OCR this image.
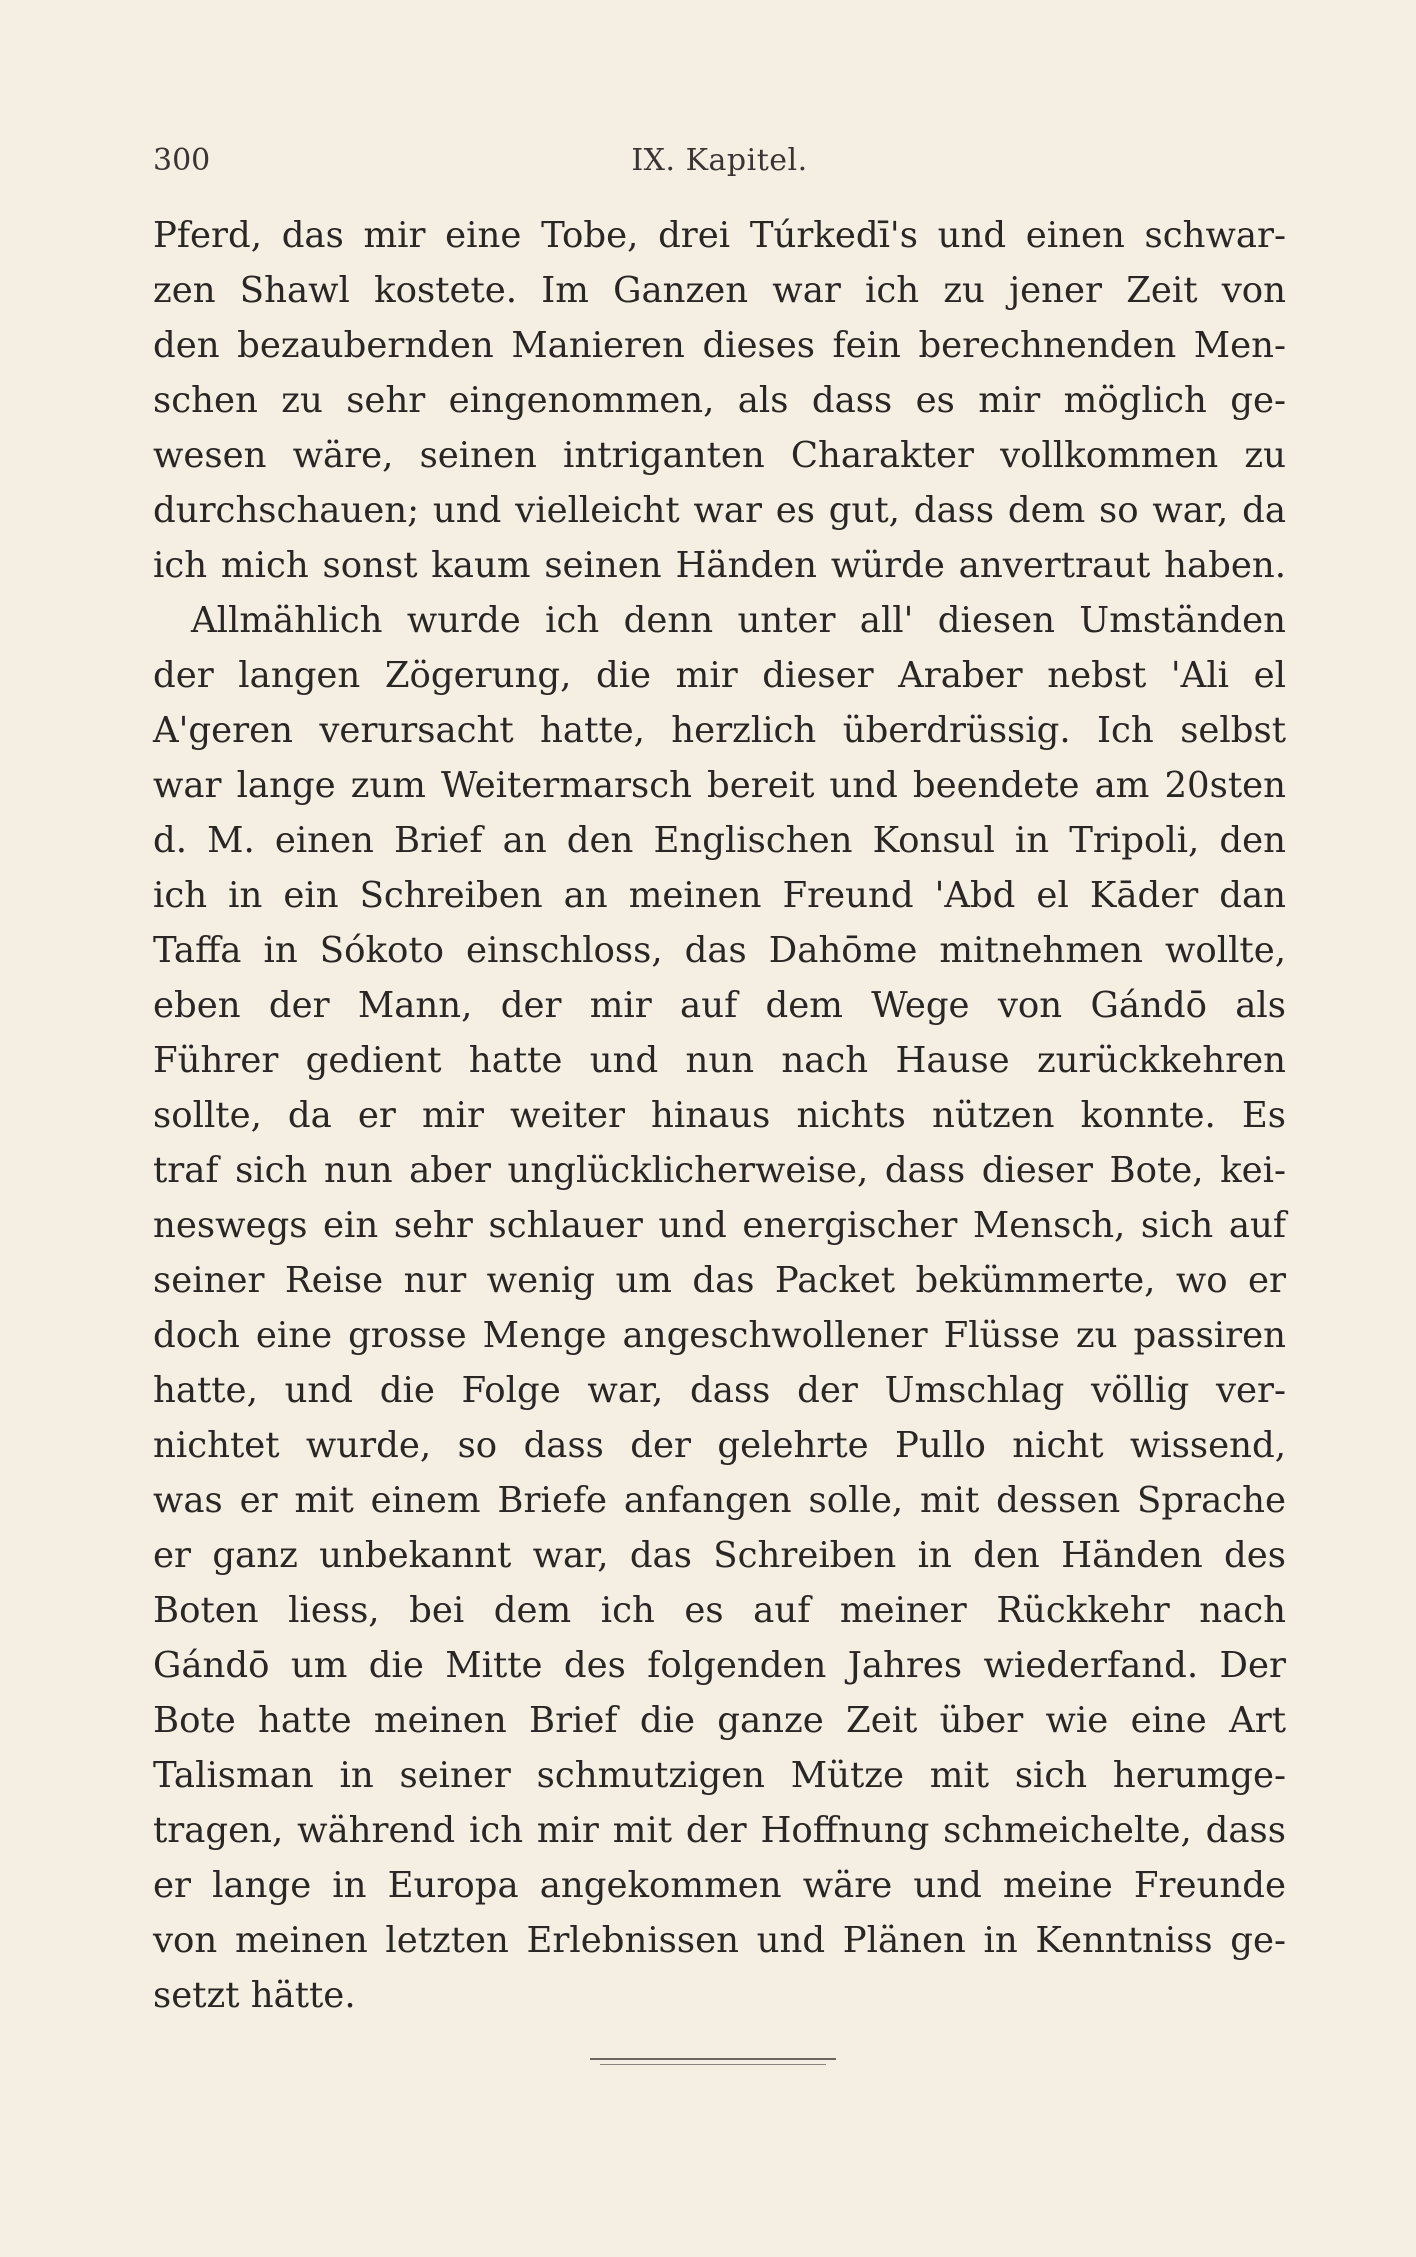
300	IX. Kapitel.
Pferd, das mir eine Tobe, drei Túrkedī's und einen schwar-
zen Shawl kostete. Im Ganzen war ich zu jener Zeit von
den bezaubernden Manieren dieses fein berechnenden Men-
schen zu sehr eingenommen, als dass es mir möglich ge-
wesen wäre, seinen intriganten Charakter vollkommen zu
durchschauen; und vielleicht war es gut, dass dem so war, da
ich mich sonst kaum seinen Händen würde anvertraut haben.
Allmählich wurde ich denn unter all' diesen Umständen
der langen Zögerung, die mir dieser Araber nebst 'Ali el
A'geren verursacht hatte, herzlich überdrüssig. Ich selbst
war lange zum Weitermarsch bereit und beendete am 20sten
d. M. einen Brief an den Englischen Konsul in Tripoli, den
ich in ein Schreiben an meinen Freund 'Abd el Kāder dan
Taffa in Sókoto einschloss, das Dahōme mitnehmen wollte,
eben der Mann, der mir auf dem Wege von Gándō als
Führer gedient hatte und nun nach Hause zurückkehren
sollte, da er mir weiter hinaus nichts nützen konnte. Es
traf sich nun aber unglücklicherweise, dass dieser Bote, kei-
neswegs ein sehr schlauer und energischer Mensch, sich auf
seiner Reise nur wenig um das Packet bekümmerte, wo er
doch eine grosse Menge angeschwollener Flüsse zu passiren
hatte, und die Folge war, dass der Umschlag völlig ver-
nichtet wurde, so dass der gelehrte Pullo nicht wissend,
was er mit einem Briefe anfangen solle, mit dessen Sprache
er ganz unbekannt war, das Schreiben in den Händen des
Boten liess, bei dem ich es auf meiner Rückkehr nach
Gándō um die Mitte des folgenden Jahres wiederfand. Der
Bote hatte meinen Brief die ganze Zeit über wie eine Art
Talisman in seiner schmutzigen Mütze mit sich herumge-
tragen, während ich mir mit der Hoffnung schmeichelte, dass
er lange in Europa angekommen wäre und meine Freunde
von meinen letzten Erlebnissen und Plänen in Kenntniss ge-
setzt hätte.
